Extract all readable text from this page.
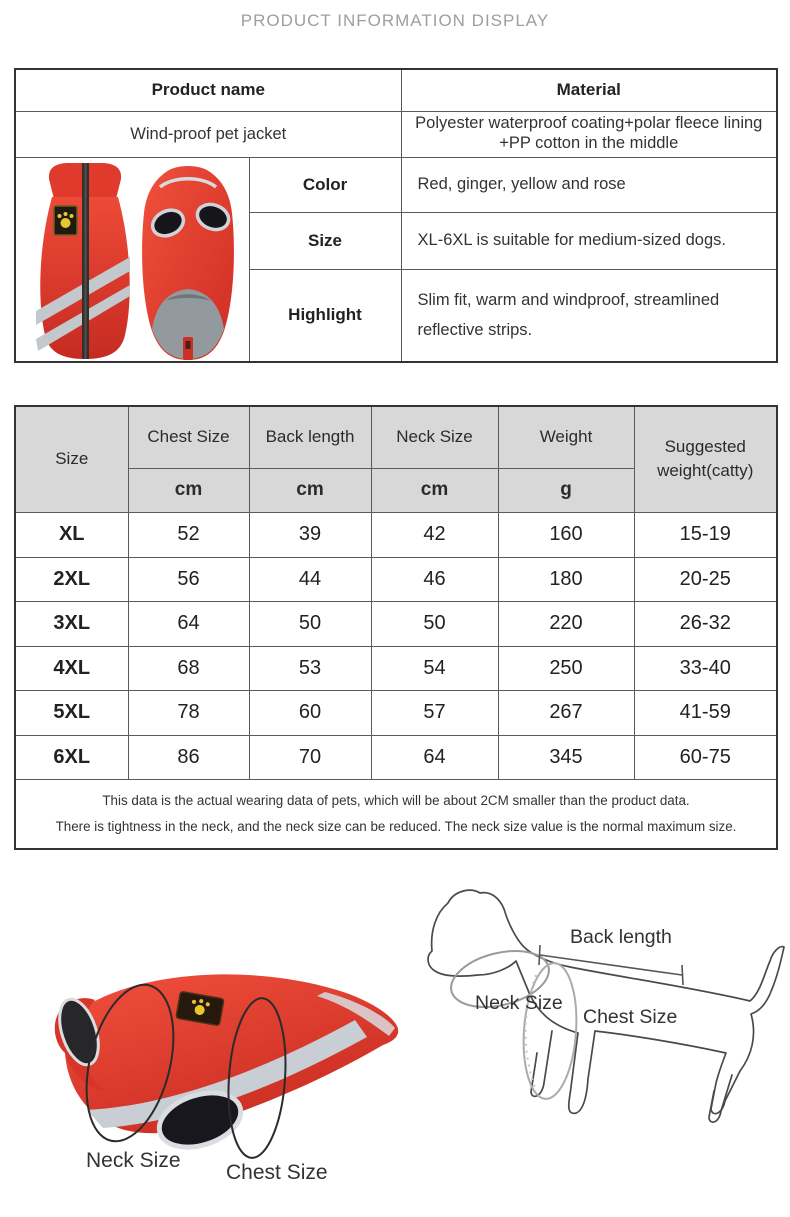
PRODUCT INFORMATION DISPLAY
Product name		Material
Wind-proof pet jacket		Polyester waterproof coating+polar fleece lining
+PP cotton in the middle

	Color	Red, ginger, yellow and rose
	Size	XL-6XL is suitable for medium-sized dogs.
	Highlight	Slim fit, warm and windproof, streamlined reflective strips.
Size	Chest Size	Back length	Neck Size	Weight	Suggested weight(catty)
	cm	cm	cm	g	
XL	52	39	42	160	15-19
2XL	56	44	46	180	20-25
3XL	64	50	50	220	26-32
4XL	68	53	54	250	33-40
5XL	78	60	57	267	41-59
6XL	86	70	64	345	60-75

This data is the actual wearing data of pets, which will be about 2CM smaller than the product data.
There is tightness in the neck, and the neck size can be reduced. The neck size value is the normal maximum size.					
Back length
Neck Size
Chest Size
Neck Size
Chest Size
